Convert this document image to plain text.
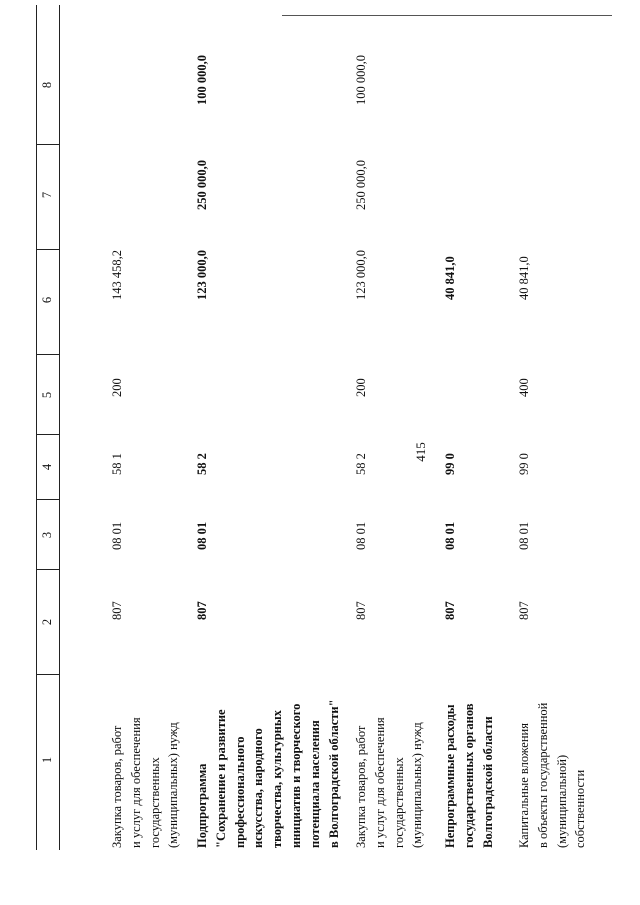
415
1
2
3
4
5
6
7
8
Закупка товаров, работ и услуг для обеспечения государственных (муниципальных) нужд
807
08 01
58 1
200
143 458,2
Подпрограмма "Сохранение и развитие профессионального искусства, народного творчества, культурных инициатив и творческого потенциала населения в Волгоградской области"
807
08 01
58 2
123 000,0
250 000,0
100 000,0
Закупка товаров, работ и услуг для обеспечения государственных (муниципальных) нужд
807
08 01
58 2
200
123 000,0
250 000,0
100 000,0
Непрограммные расходы государственных органов Волгоградской области
807
08 01
99 0
40 841,0
Капитальные вложения в объекты государственной (муниципальной) собственности
807
08 01
99 0
400
40 841,0
